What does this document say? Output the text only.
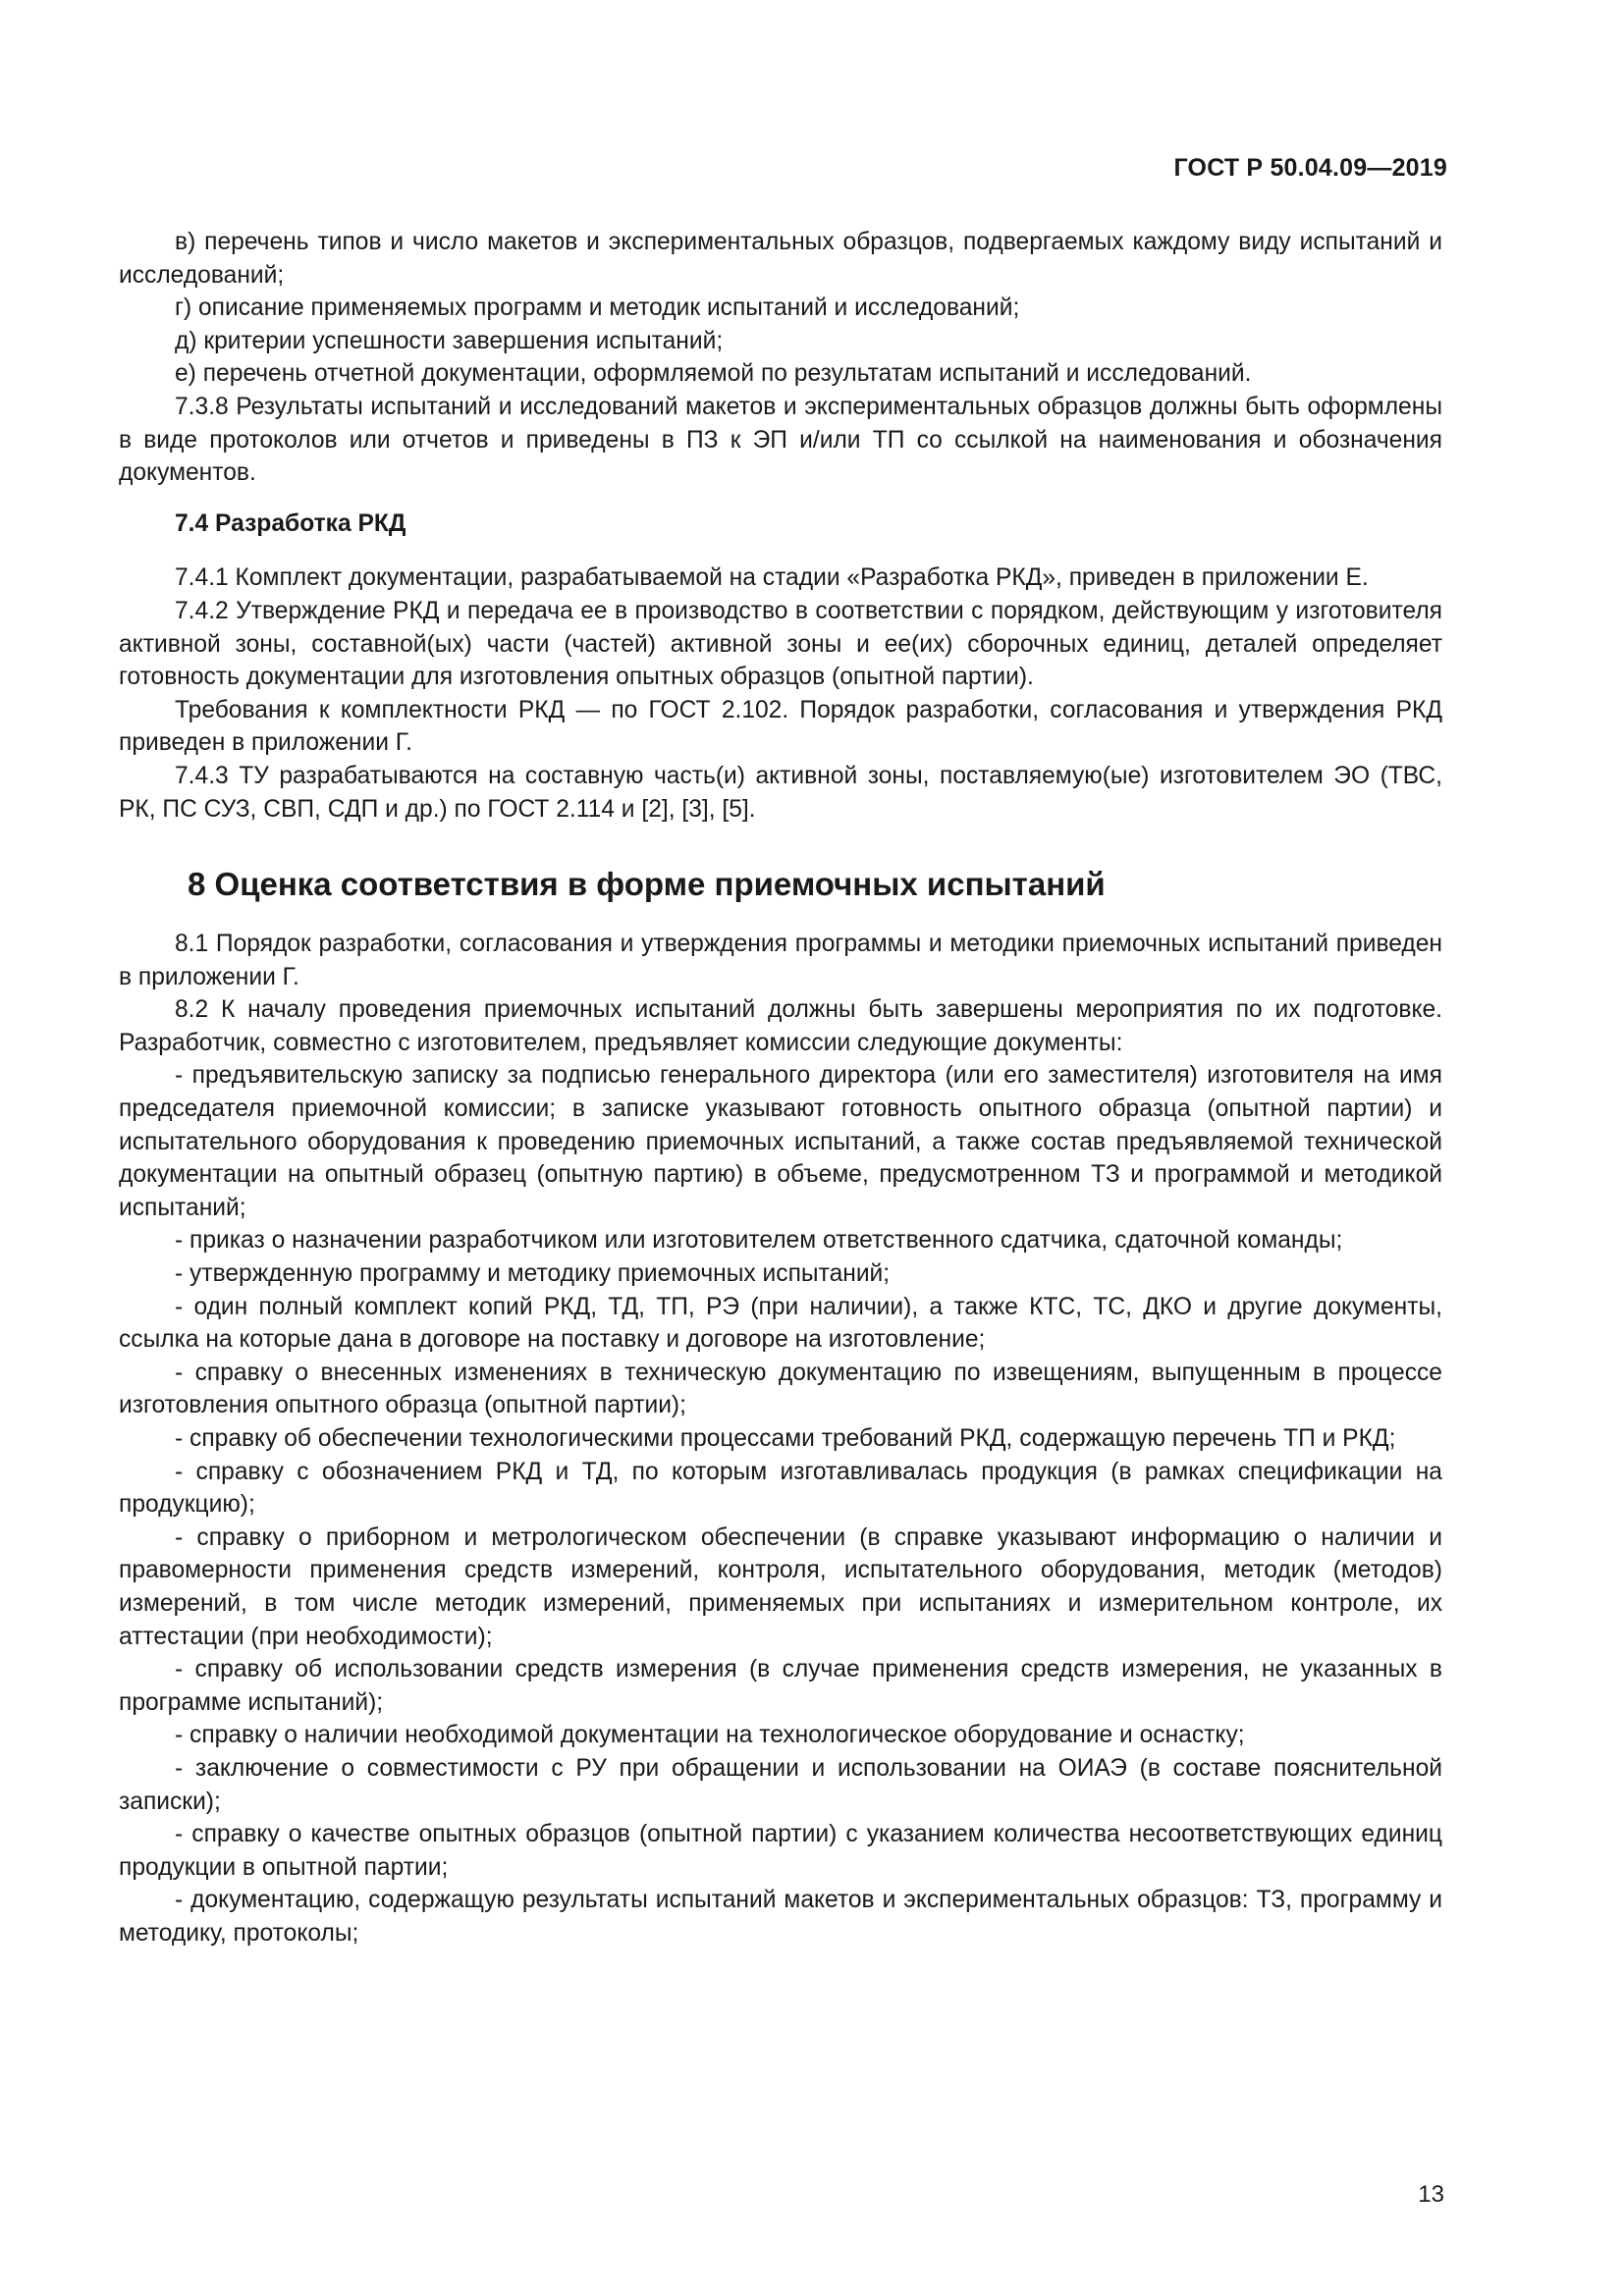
ГОСТ Р 50.04.09—2019

в) перечень типов и число макетов и экспериментальных образцов, подвергаемых каждому виду испытаний и исследований;

г) описание применяемых программ и методик испытаний и исследований;

д) критерии успешности завершения испытаний;

е) перечень отчетной документации, оформляемой по результатам испытаний и исследований.

7.3.8 Результаты испытаний и исследований макетов и экспериментальных образцов должны быть оформлены в виде протоколов или отчетов и приведены в ПЗ к ЭП и/или ТП со ссылкой на наименования и обозначения документов.

7.4 Разработка РКД

7.4.1 Комплект документации, разрабатываемой на стадии «Разработка РКД», приведен в приложении Е.

7.4.2 Утверждение РКД и передача ее в производство в соответствии с порядком, действующим у изготовителя активной зоны, составной(ых) части (частей) активной зоны и ее(их) сборочных единиц, деталей определяет готовность документации для изготовления опытных образцов (опытной партии).

Требования к комплектности РКД — по ГОСТ 2.102. Порядок разработки, согласования и утверждения РКД приведен в приложении Г.

7.4.3 ТУ разрабатываются на составную часть(и) активной зоны, поставляемую(ые) изготовителем ЭО (ТВС, РК, ПС СУЗ, СВП, СДП и др.) по ГОСТ 2.114 и [2], [3], [5].

8 Оценка соответствия в форме приемочных испытаний

8.1 Порядок разработки, согласования и утверждения программы и методики приемочных испытаний приведен в приложении Г.

8.2 К началу проведения приемочных испытаний должны быть завершены мероприятия по их подготовке. Разработчик, совместно с изготовителем, предъявляет комиссии следующие документы:

- предъявительскую записку за подписью генерального директора (или его заместителя) изготовителя на имя председателя приемочной комиссии; в записке указывают готовность опытного образца (опытной партии) и испытательного оборудования к проведению приемочных испытаний, а также состав предъявляемой технической документации на опытный образец (опытную партию) в объеме, предусмотренном ТЗ и программой и методикой испытаний;

- приказ о назначении разработчиком или изготовителем ответственного сдатчика, сдаточной команды;

- утвержденную программу и методику приемочных испытаний;

- один полный комплект копий РКД, ТД, ТП, РЭ (при наличии), а также КТС, ТС, ДКО и другие документы, ссылка на которые дана в договоре на поставку и договоре на изготовление;

- справку о внесенных изменениях в техническую документацию по извещениям, выпущенным в процессе изготовления опытного образца (опытной партии);

- справку об обеспечении технологическими процессами требований РКД, содержащую перечень ТП и РКД;

- справку с обозначением РКД и ТД, по которым изготавливалась продукция (в рамках спецификации на продукцию);

- справку о приборном и метрологическом обеспечении (в справке указывают информацию о наличии и правомерности применения средств измерений, контроля, испытательного оборудования, методик (методов) измерений, в том числе методик измерений, применяемых при испытаниях и измерительном контроле, их аттестации (при необходимости);

- справку об использовании средств измерения (в случае применения средств измерения, не указанных в программе испытаний);

- справку о наличии необходимой документации на технологическое оборудование и оснастку;

- заключение о совместимости с РУ при обращении и использовании на ОИАЭ (в составе пояснительной записки);

- справку о качестве опытных образцов (опытной партии) с указанием количества несоответствующих единиц продукции в опытной партии;

- документацию, содержащую результаты испытаний макетов и экспериментальных образцов: ТЗ, программу и методику, протоколы;

13
